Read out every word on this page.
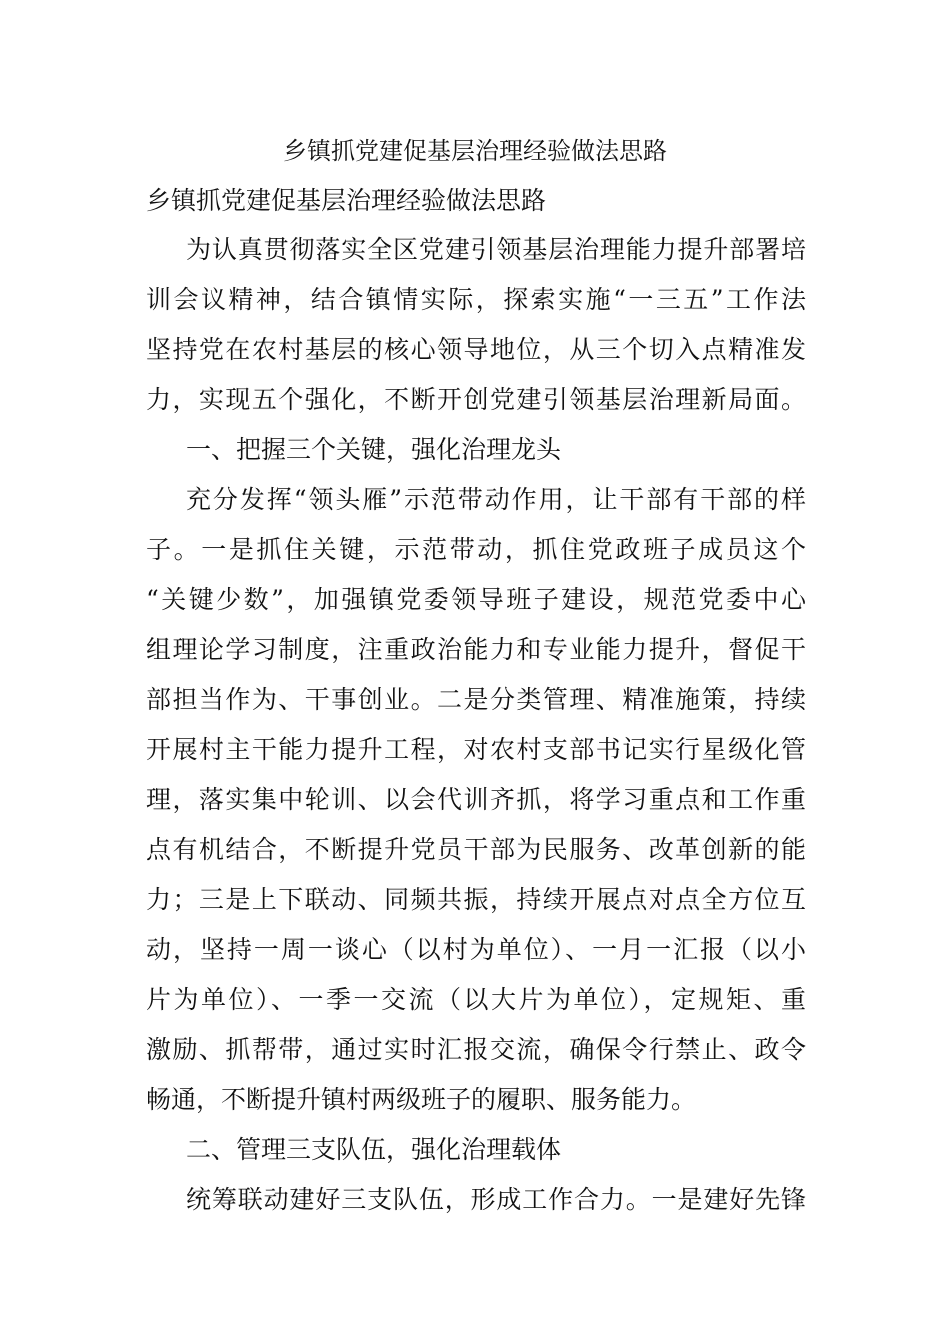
乡镇抓党建促基层治理经验做法思路
乡镇抓党建促基层治理经验做法思路
为认真贯彻落实全区党建引领基层治理能力提升部署培
训会议精神，结合镇情实际，探索实施“一三五”工作法
坚持党在农村基层的核心领导地位，从三个切入点精准发
力，实现五个强化，不断开创党建引领基层治理新局面。
一、把握三个关键，强化治理龙头
充分发挥“领头雁”示范带动作用，让干部有干部的样
子。一是抓住关键，示范带动，抓住党政班子成员这个
“关键少数”，加强镇党委领导班子建设，规范党委中心
组理论学习制度，注重政治能力和专业能力提升，督促干
部担当作为、干事创业。二是分类管理、精准施策，持续
开展村主干能力提升工程，对农村支部书记实行星级化管
理，落实集中轮训、以会代训齐抓，将学习重点和工作重
点有机结合，不断提升党员干部为民服务、改革创新的能
力；三是上下联动、同频共振，持续开展点对点全方位互
动，坚持一周一谈心（以村为单位）、一月一汇报（以小
片为单位）、一季一交流（以大片为单位），定规矩、重
激励、抓帮带，通过实时汇报交流，确保令行禁止、政令
畅通，不断提升镇村两级班子的履职、服务能力。
二、管理三支队伍，强化治理载体
统筹联动建好三支队伍，形成工作合力。一是建好先锋
